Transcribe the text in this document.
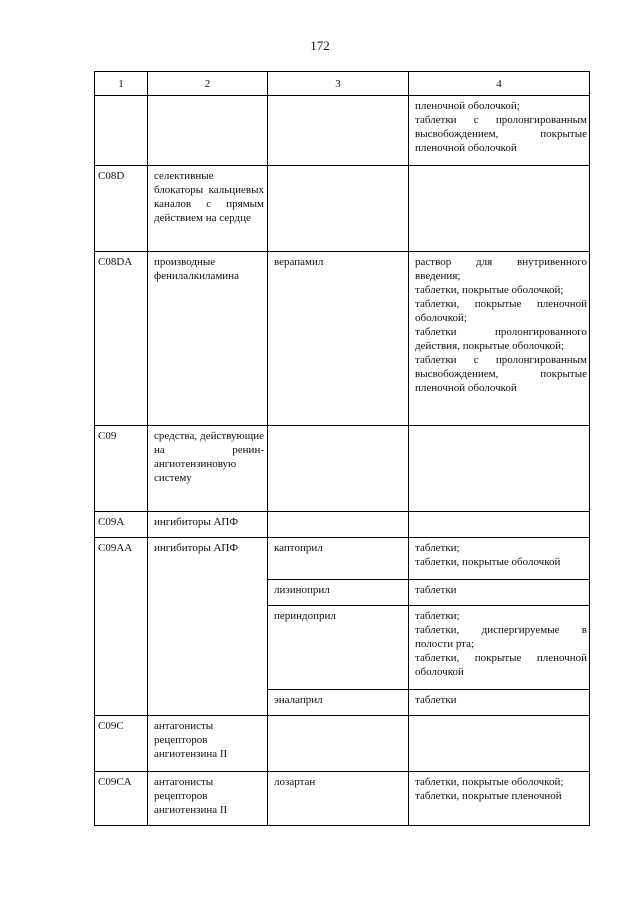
172
1	2	3	4

			пленочной оболочкой;
таблетки с пролонгированным высвобождением, покрытые пленочной оболочкой

C08D	селективные блокаторы кальциевых каналов с прямым действием на сердце		

C08DA	производные фенилалкиламина	верапамил	раствор для внутривенного введения;
таблетки, покрытые оболочкой;
таблетки, покрытые пленочной оболочкой;
таблетки пролонгированного действия, покрытые оболочкой;
таблетки с пролонгированным высвобождением, покрытые пленочной оболочкой

C09	средства, действующие на ренин-ангиотензиновую систему		

C09A	ингибиторы АПФ		

C09AA	ингибиторы АПФ	каптоприл	таблетки;
таблетки, покрытые оболочкой

		лизиноприл	таблетки

		периндоприл	таблетки;
таблетки, диспергируемые в полости рта;
таблетки, покрытые пленочной оболочкой

		эналаприл	таблетки

C09C	антагонисты рецепторов ангиотензина II		

C09CA	антагонисты рецепторов ангиотензина II	лозартан	таблетки, покрытые оболочкой;
таблетки, покрытые пленочной
